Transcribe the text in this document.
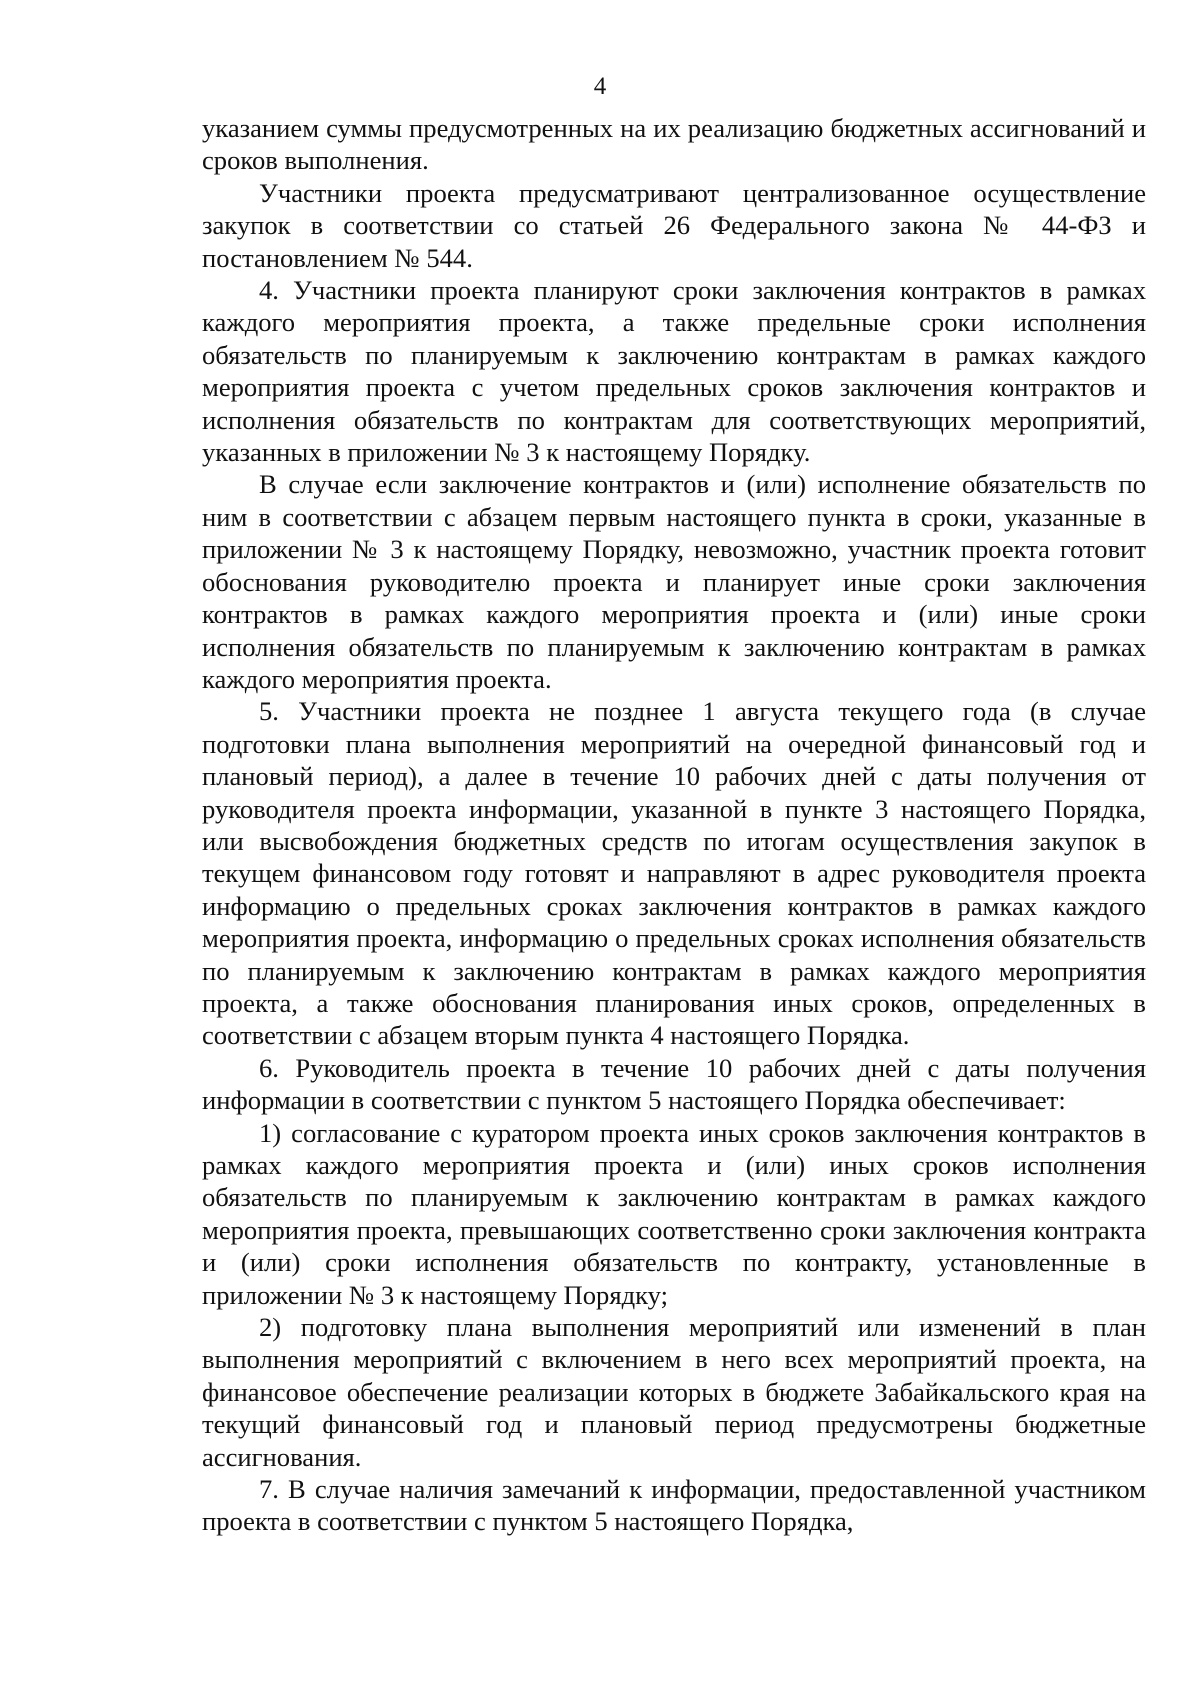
4

указанием суммы предусмотренных на их реализацию бюджетных ассигнований и сроков выполнения.

Участники проекта предусматривают централизованное осуществление закупок в соответствии со статьей 26 Федерального закона № 44-ФЗ и постановлением № 544.

4. Участники проекта планируют сроки заключения контрактов в рамках каждого мероприятия проекта, а также предельные сроки исполнения обязательств по планируемым к заключению контрактам в рамках каждого мероприятия проекта с учетом предельных сроков заключения контрактов и исполнения обязательств по контрактам для соответствующих мероприятий, указанных в приложении № 3 к настоящему Порядку.

В случае если заключение контрактов и (или) исполнение обязательств по ним в соответствии с абзацем первым настоящего пункта в сроки, указанные в приложении № 3 к настоящему Порядку, невозможно, участник проекта готовит обоснования руководителю проекта и планирует иные сроки заключения контрактов в рамках каждого мероприятия проекта и (или) иные сроки исполнения обязательств по планируемым к заключению контрактам в рамках каждого мероприятия проекта.

5. Участники проекта не позднее 1 августа текущего года (в случае подготовки плана выполнения мероприятий на очередной финансовый год и плановый период), а далее в течение 10 рабочих дней с даты получения от руководителя проекта информации, указанной в пункте 3 настоящего Порядка, или высвобождения бюджетных средств по итогам осуществления закупок в текущем финансовом году готовят и направляют в адрес руководителя проекта информацию о предельных сроках заключения контрактов в рамках каждого мероприятия проекта, информацию о предельных сроках исполнения обязательств по планируемым к заключению контрактам в рамках каждого мероприятия проекта, а также обоснования планирования иных сроков, определенных в соответствии с абзацем вторым пункта 4 настоящего Порядка.

6. Руководитель проекта в течение 10 рабочих дней с даты получения информации в соответствии с пунктом 5 настоящего Порядка обеспечивает:

1) согласование с куратором проекта иных сроков заключения контрактов в рамках каждого мероприятия проекта и (или) иных сроков исполнения обязательств по планируемым к заключению контрактам в рамках каждого мероприятия проекта, превышающих соответственно сроки заключения контракта и (или) сроки исполнения обязательств по контракту, установленные в приложении № 3 к настоящему Порядку;

2) подготовку плана выполнения мероприятий или изменений в план выполнения мероприятий с включением в него всех мероприятий проекта, на финансовое обеспечение реализации которых в бюджете Забайкальского края на текущий финансовый год и плановый период предусмотрены бюджетные ассигнования.

7. В случае наличия замечаний к информации, предоставленной участником проекта в соответствии с пунктом 5 настоящего Порядка,
